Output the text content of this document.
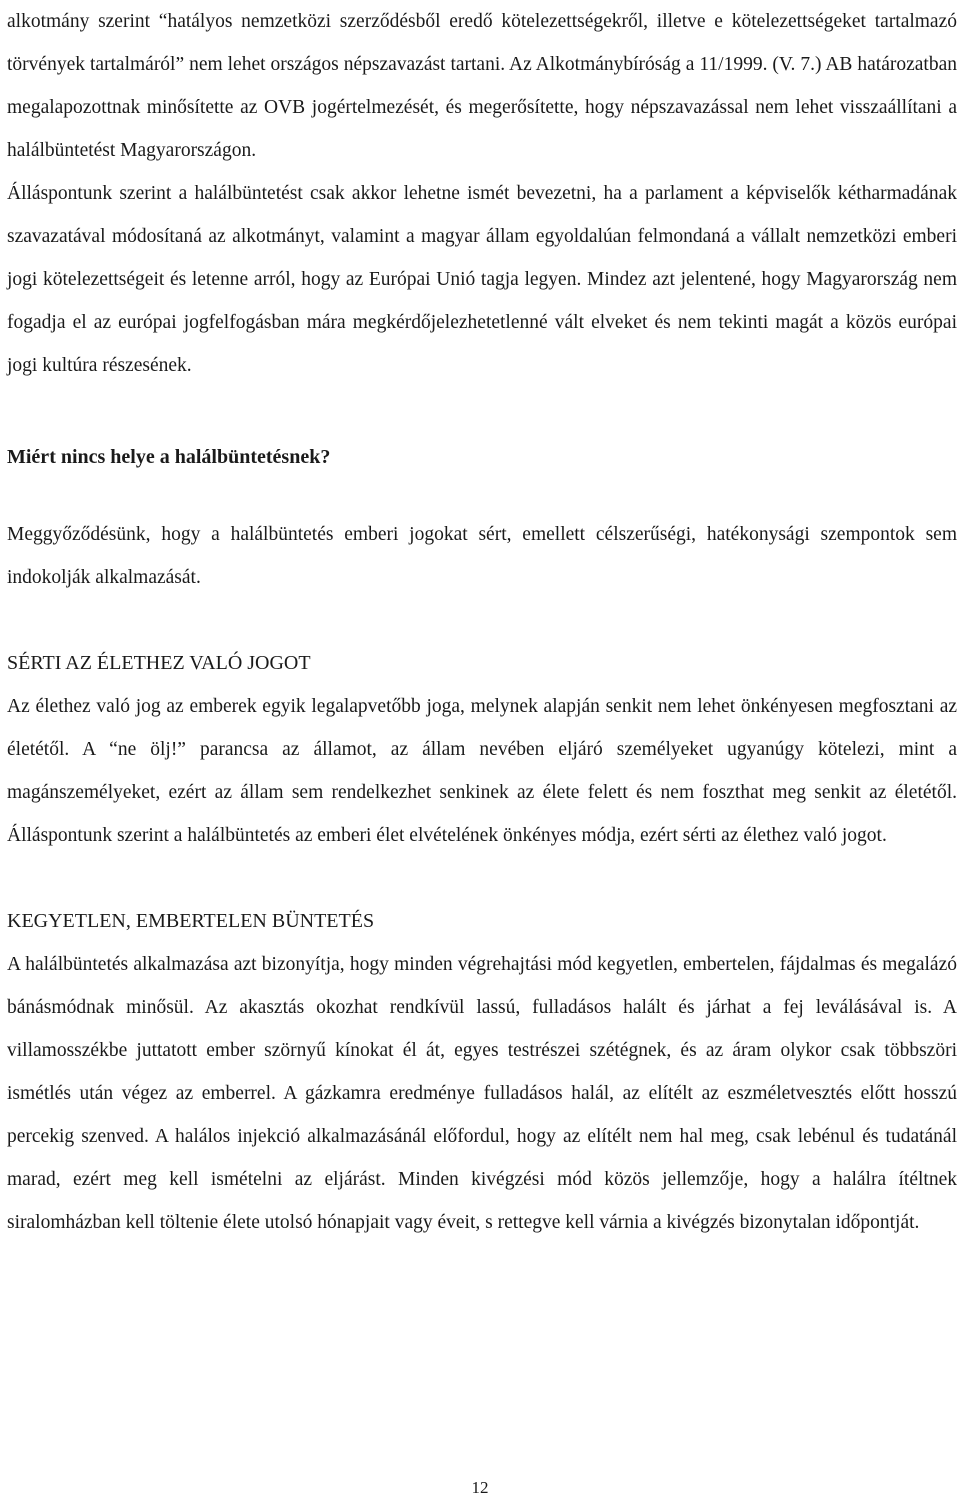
alkotmány szerint “hatályos nemzetközi szerződésből eredő kötelezettségekről, illetve e kötelezettségeket tartalmazó törvények tartalmáról” nem lehet országos népszavazást tartani. Az Alkotmánybíróság a 11/1999. (V. 7.) AB határozatban megalapozottnak minősítette az OVB jogértelmezését, és megerősítette, hogy népszavazással nem lehet visszaállítani a halálbüntetést Magyarországon.

Álláspontunk szerint a halálbüntetést csak akkor lehetne ismét bevezetni, ha a parlament a képviselők kétharmadának szavazatával módosítaná az alkotmányt, valamint a magyar állam egyoldalúan felmondaná a vállalt nemzetközi emberi jogi kötelezettségeit és letenne arról, hogy az Európai Unió tagja legyen. Mindez azt jelentené, hogy Magyarország nem fogadja el az európai jogfelfogásban mára megkérdőjelezhetetlenné vált elveket és nem tekinti magát a közös európai jogi kultúra részesének.

Miért nincs helye a halálbüntetésnek?

Meggyőződésünk, hogy a halálbüntetés emberi jogokat sért, emellett célszerűségi, hatékonysági szempontok sem indokolják alkalmazását.

SÉRTI AZ ÉLETHEZ VALÓ JOGOT

Az élethez való jog az emberek egyik legalapvetőbb joga, melynek alapján senkit nem lehet önkényesen megfosztani az életétől. A “ne ölj!” parancsa az államot, az állam nevében eljáró személyeket ugyanúgy kötelezi, mint a magánszemélyeket, ezért az állam sem rendelkezhet senkinek az élete felett és nem foszthat meg senkit az életétől. Álláspontunk szerint a halálbüntetés az emberi élet elvételének önkényes módja, ezért sérti az élethez való jogot.

KEGYETLEN, EMBERTELEN BÜNTETÉS

A halálbüntetés alkalmazása azt bizonyítja, hogy minden végrehajtási mód kegyetlen, embertelen, fájdalmas és megalázó bánásmódnak minősül. Az akasztás okozhat rendkívül lassú, fulladásos halált és járhat a fej leválásával is. A villamosszékbe juttatott ember szörnyű kínokat él át, egyes testrészei szétégnek, és az áram olykor csak többszöri ismétlés után végez az emberrel. A gázkamra eredménye fulladásos halál, az elítélt az eszméletvesztés előtt hosszú percekig szenved. A halálos injekció alkalmazásánál előfordul, hogy az elítélt nem hal meg, csak lebénul és tudatánál marad, ezért meg kell ismételni az eljárást. Minden kivégzési mód közös jellemzője, hogy a halálra ítéltnek siralomházban kell töltenie élete utolsó hónapjait vagy éveit, s rettegve kell várnia a kivégzés bizonytalan időpontját.

12
